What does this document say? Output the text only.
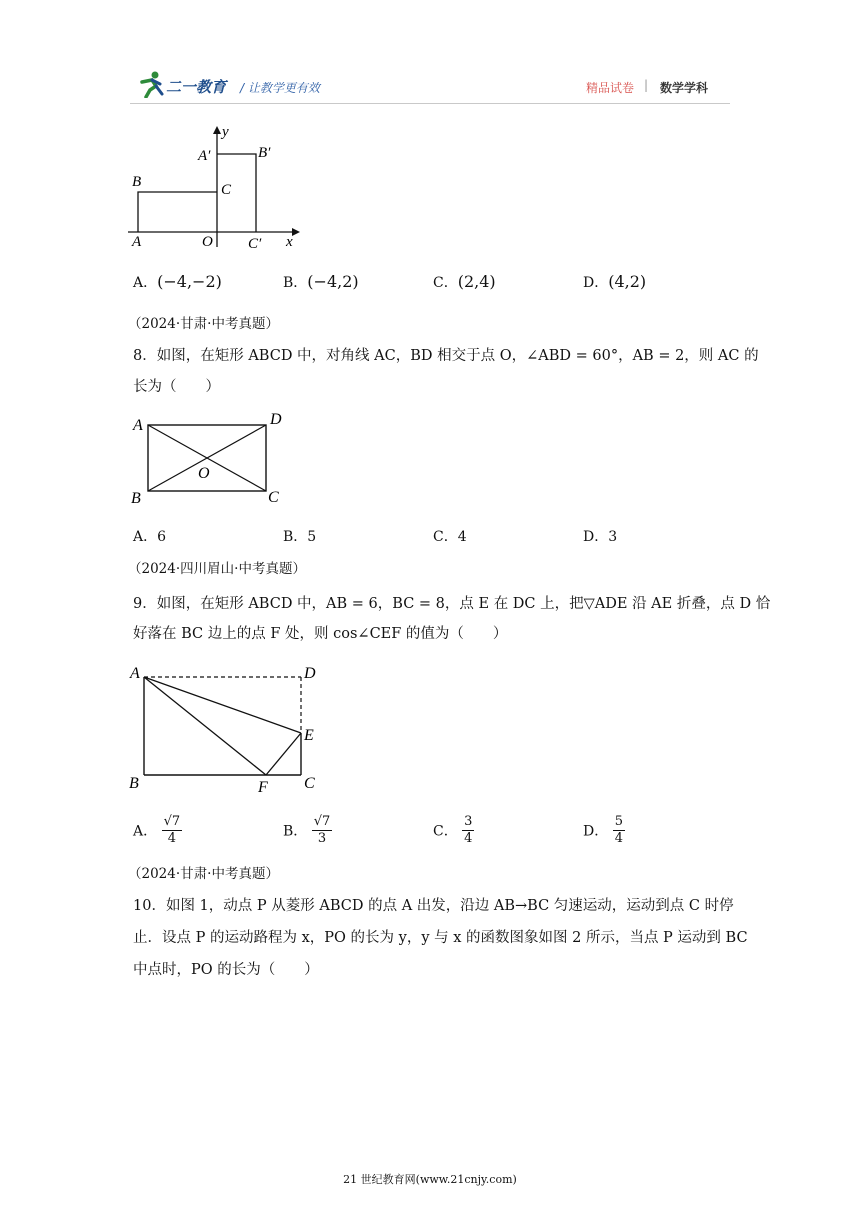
二一教育 / 让教学更有效	精品试卷 | 数学学科
y
x
B
A	O
C
A′	B′
C′
A．(−4,−2)	B．(−4,2)	C．(2,4)	D．(4,2)
（2024·甘肃·中考真题）
8．如图，在矩形 ABCD 中，对角线 AC，BD 相交于点 O，∠ABD = 60°，AB = 2，则 AC 的
长为（　　）
A	D
O
B	C
A．6	B．5	C．4	D．3
（2024·四川眉山·中考真题）
9．如图，在矩形 ABCD 中，AB = 6，BC = 8，点 E 在 DC 上，把▽ADE 沿 AE 折叠，点 D 恰
好落在 BC 边上的点 F 处，则 cos∠CEF 的值为（　　）
A	D
E
B	F C
A． $\frac{√7}{4}$	B． $\frac{√7}{3}$	C． $\frac{3}{4}$	D． $\frac{5}{4}$
（2024·甘肃·中考真题）
10．如图 1，动点 P 从菱形 ABCD 的点 A 出发，沿边 AB→BC 匀速运动，运动到点 C 时停
止．设点 P 的运动路程为 x，PO 的长为 y，y 与 x 的函数图象如图 2 所示，当点 P 运动到 BC
中点时，PO 的长为（　　）
21 世纪教育网(www.21cnjy.com)
